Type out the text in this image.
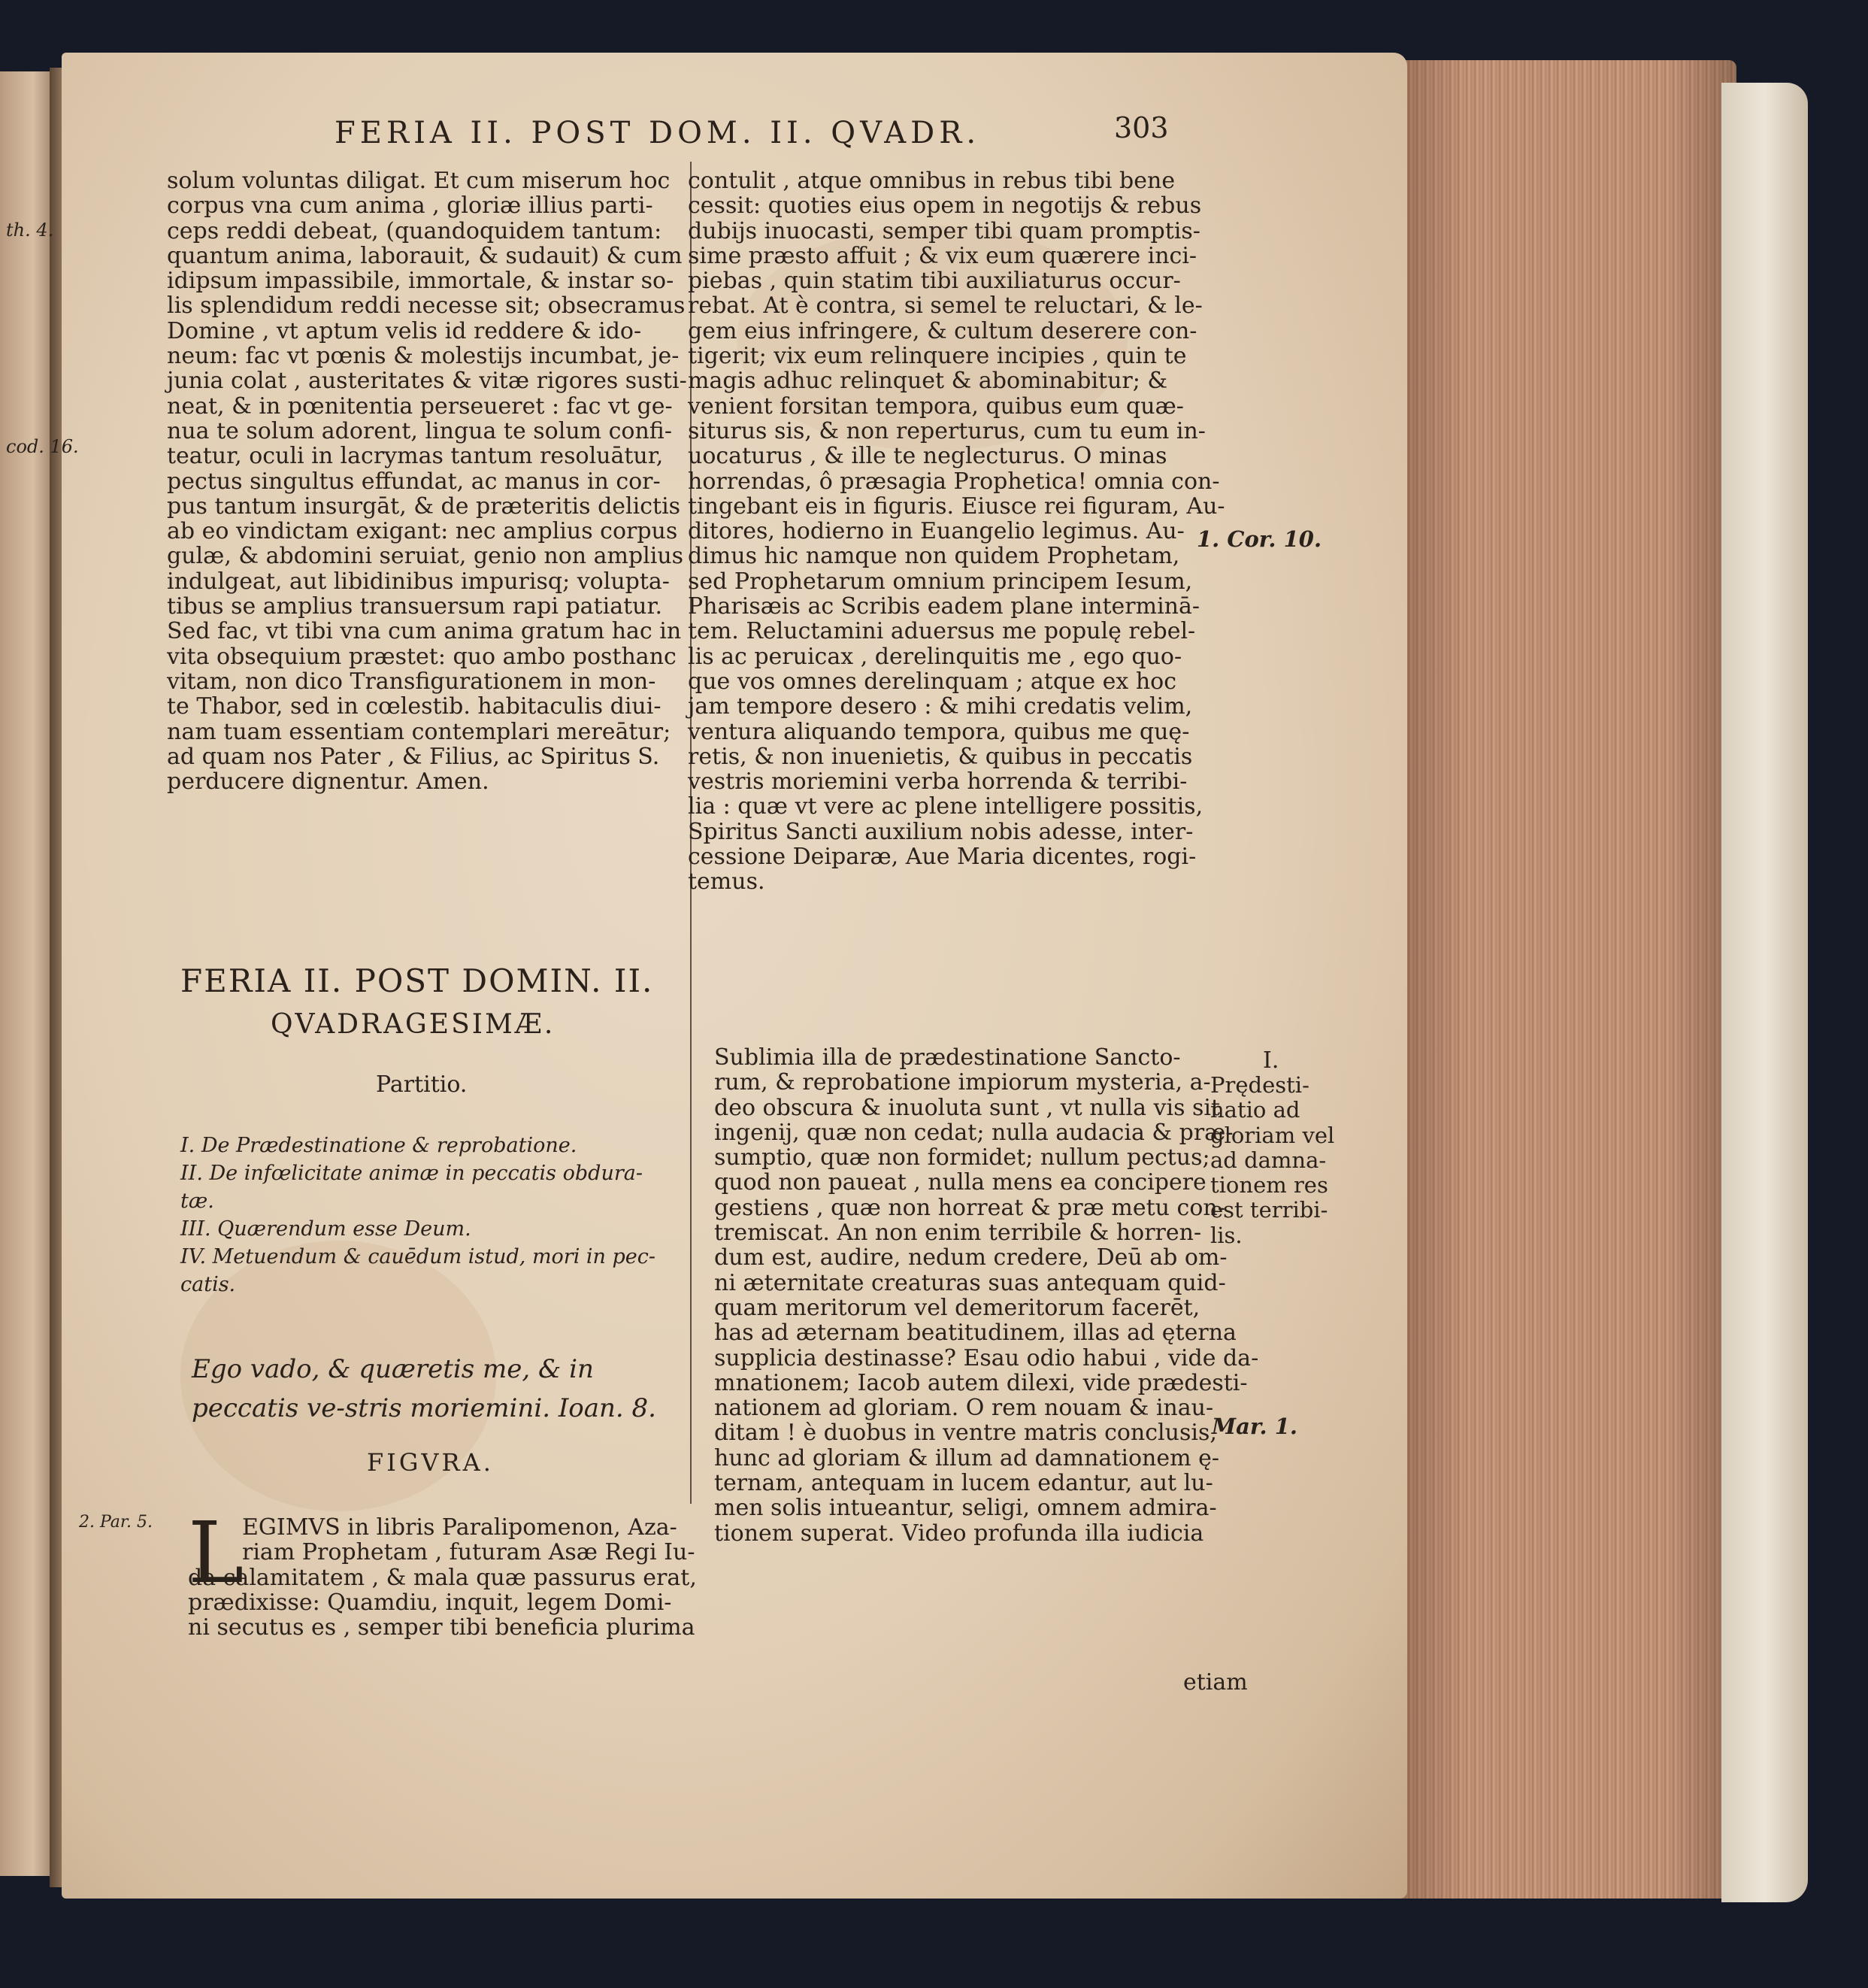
th. 4.
cod. 16.
2. Par. 5.
FERIA II. POST DOM. II. QVADR.	303
solum voluntas diligat. Et cum miserum hoc
corpus vna cum anima , gloriæ illius parti-
ceps reddi debeat, (quandoquidem tantum:
quantum anima, laborauit, & sudauit) & cum
idipsum impassibile, immortale, & instar so-
lis splendidum reddi necesse sit; obsecramus
Domine , vt aptum velis id reddere & ido-
neum: fac vt pœnis & molestijs incumbat, je-
junia colat , austeritates & vitæ rigores susti-
neat, & in pœnitentia perseueret : fac vt ge-
nua te solum adorent, lingua te solum confi-
teatur, oculi in lacrymas tantum resoluātur,
pectus singultus effundat, ac manus in cor-
pus tantum insurgāt, & de præteritis delictis
ab eo vindictam exigant: nec amplius corpus
gulæ, & abdomini seruiat, genio non amplius
indulgeat, aut libidinibus impurisq; volupta-
tibus se amplius transuersum rapi patiatur.
Sed fac, vt tibi vna cum anima gratum hac in
vita obsequium præstet: quo ambo posthanc
vitam, non dico Transfigurationem in mon-
te Thabor, sed in cœlestib. habitaculis diui-
nam tuam essentiam contemplari mereātur;
ad quam nos Pater , & Filius, ac Spiritus S.
perducere dignentur. Amen.
FERIA II. POST DOMIN. II.
QVADRAGESIMÆ.
Partitio.
I. De Prædestinatione & reprobatione.
II. De infœlicitate animæ in peccatis obdura-
tæ.
III. Quærendum esse Deum.
IV. Metuendum & cauēdum istud, mori in pec-
catis.
Ego vado, & quæretis me, & in peccatis ve-stris moriemini. Ioan. 8.
FIGVRA.
L
EGIMVS in libris Paralipomenon, Aza-
riam Prophetam , futuram Asæ Regi Iu-
da calamitatem , & mala quæ passurus erat,
prædixisse: Quamdiu, inquit, legem Domi-
ni secutus es , semper tibi beneficia plurima
contulit , atque omnibus in rebus tibi bene
cessit: quoties eius opem in negotijs & rebus
dubijs inuocasti, semper tibi quam promptis-
sime præsto affuit ; & vix eum quærere inci-
piebas , quin statim tibi auxiliaturus occur-
rebat. At è contra, si semel te reluctari, & le-
gem eius infringere, & cultum deserere con-
tigerit; vix eum relinquere incipies , quin te
magis adhuc relinquet & abominabitur; &
venient forsitan tempora, quibus eum quæ-
siturus sis, & non reperturus, cum tu eum in-
uocaturus , & ille te neglecturus. O minas
horrendas, ô præsagia Prophetica! omnia con-
tingebant eis in figuris. Eiusce rei figuram, Au-
ditores, hodierno in Euangelio legimus. Au-
dimus hic namque non quidem Prophetam,
sed Prophetarum omnium principem Iesum,
Pharisæis ac Scribis eadem plane interminā-
tem. Reluctamini aduersus me populę rebel-
lis ac peruicax , derelinquitis me , ego quo-
que vos omnes derelinquam ; atque ex hoc
jam tempore desero : & mihi credatis velim,
ventura aliquando tempora, quibus me quę-
retis, & non inuenietis, & quibus in peccatis
vestris moriemini verba horrenda & terribi-
lia : quæ vt vere ac plene intelligere possitis,
Spiritus Sancti auxilium nobis adesse, inter-
cessione Deiparæ, Aue Maria dicentes, rogi-
temus.
Sublimia illa de prædestinatione Sancto-
rum, & reprobatione impiorum mysteria, a-
deo obscura & inuoluta sunt , vt nulla vis sit
ingenij, quæ non cedat; nulla audacia & præ-
sumptio, quæ non formidet; nullum pectus;
quod non paueat , nulla mens ea concipere
gestiens , quæ non horreat & præ metu con-
tremiscat. An non enim terribile & horren-
dum est, audire, nedum credere, Deū ab om-
ni æternitate creaturas suas antequam quid-
quam meritorum vel demeritorum facerēt,
has ad æternam beatitudinem, illas ad ęterna
supplicia destinasse? Esau odio habui , vide da-
mnationem; Iacob autem dilexi, vide prædesti-
nationem ad gloriam. O rem nouam & inau-
ditam ! è duobus in ventre matris conclusis,
hunc ad gloriam & illum ad damnationem ę-
ternam, antequam in lucem edantur, aut lu-
men solis intueantur, seligi, omnem admira-
tionem superat. Video profunda illa iudicia
etiam
1. Cor. 10.
I.
Prędesti-
natio ad
gloriam vel
ad damna-
tionem res
est terribi-
lis.
Mar. 1.
